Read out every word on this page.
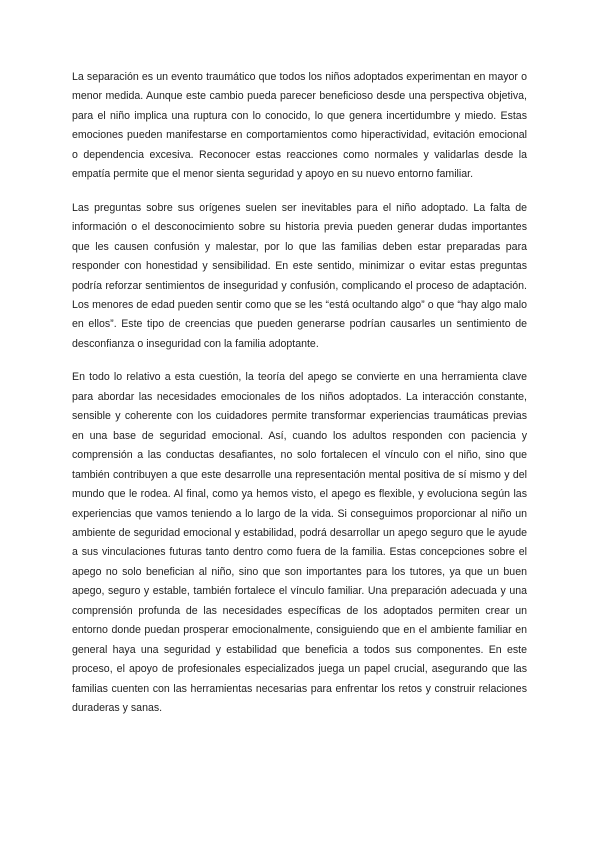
La separación es un evento traumático que todos los niños adoptados experimentan en mayor o menor medida. Aunque este cambio pueda parecer beneficioso desde una perspectiva objetiva, para el niño implica una ruptura con lo conocido, lo que genera incertidumbre y miedo. Estas emociones pueden manifestarse en comportamientos como hiperactividad, evitación emocional o dependencia excesiva. Reconocer estas reacciones como normales y validarlas desde la empatía permite que el menor sienta seguridad y apoyo en su nuevo entorno familiar.

Las preguntas sobre sus orígenes suelen ser inevitables para el niño adoptado. La falta de información o el desconocimiento sobre su historia previa pueden generar dudas importantes que les causen confusión y malestar, por lo que las familias deben estar preparadas para responder con honestidad y sensibilidad. En este sentido, minimizar o evitar estas preguntas podría reforzar sentimientos de inseguridad y confusión, complicando el proceso de adaptación. Los menores de edad pueden sentir como que se les “está ocultando algo” o que “hay algo malo en ellos”. Este tipo de creencias que pueden generarse podrían causarles un sentimiento de desconfianza o inseguridad con la familia adoptante.

En todo lo relativo a esta cuestión, la teoría del apego se convierte en una herramienta clave para abordar las necesidades emocionales de los niños adoptados. La interacción constante, sensible y coherente con los cuidadores permite transformar experiencias traumáticas previas en una base de seguridad emocional. Así, cuando los adultos responden con paciencia y comprensión a las conductas desafiantes, no solo fortalecen el vínculo con el niño, sino que también contribuyen a que este desarrolle una representación mental positiva de sí mismo y del mundo que le rodea. Al final, como ya hemos visto, el apego es flexible, y evoluciona según las experiencias que vamos teniendo a lo largo de la vida. Si conseguimos proporcionar al niño un ambiente de seguridad emocional y estabilidad, podrá desarrollar un apego seguro que le ayude a sus vinculaciones futuras tanto dentro como fuera de la familia. Estas concepciones sobre el apego no solo benefician al niño, sino que son importantes para los tutores, ya que un buen apego, seguro y estable, también fortalece el vínculo familiar. Una preparación adecuada y una comprensión profunda de las necesidades específicas de los adoptados permiten crear un entorno donde puedan prosperar emocionalmente, consiguiendo que en el ambiente familiar en general haya una seguridad y estabilidad que beneficia a todos sus componentes. En este proceso, el apoyo de profesionales especializados juega un papel crucial, asegurando que las familias cuenten con las herramientas necesarias para enfrentar los retos y construir relaciones duraderas y sanas.
